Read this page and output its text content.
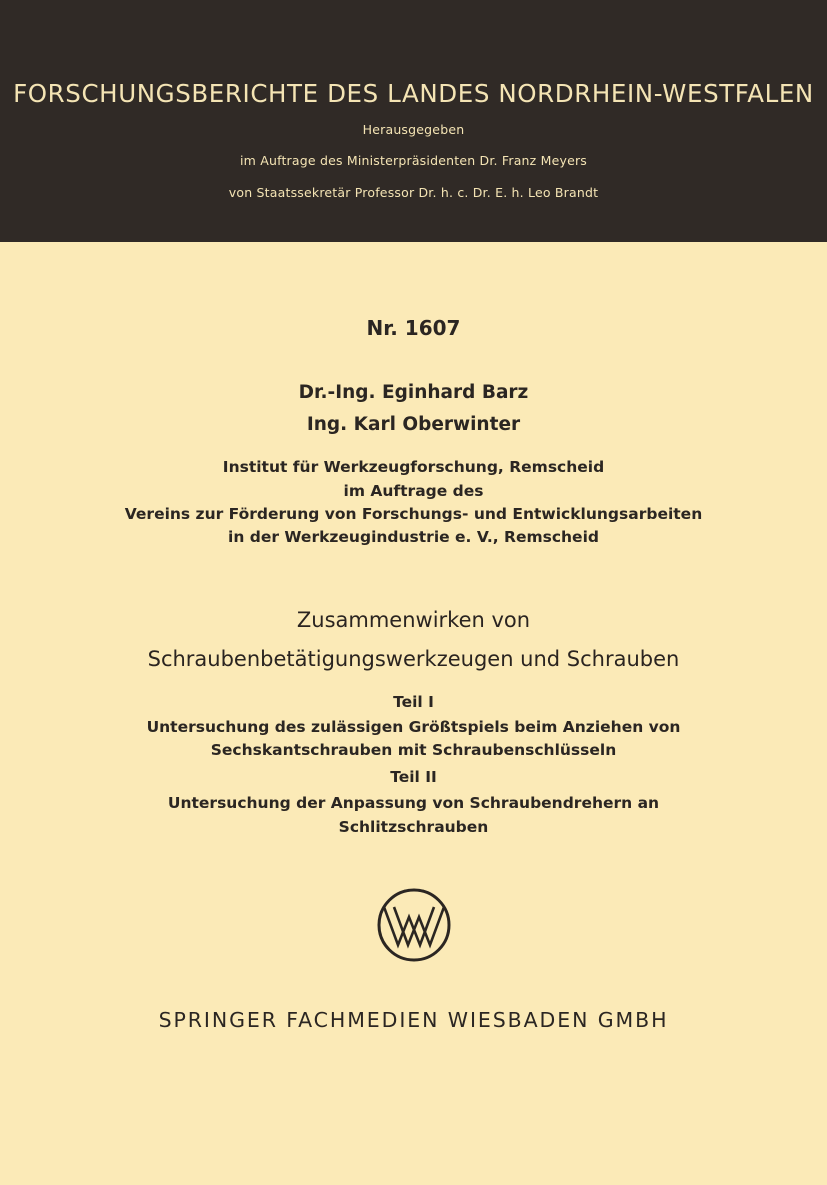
FORSCHUNGSBERICHTE DES LANDES NORDRHEIN-WESTFALEN
Herausgegeben
im Auftrage des Ministerpräsidenten Dr. Franz Meyers
von Staatssekretär Professor Dr. h. c. Dr. E. h. Leo Brandt
Nr. 1607
Dr.-Ing. Eginhard Barz
Ing. Karl Oberwinter
Institut für Werkzeugforschung, Remscheid
im Auftrage des
Vereins zur Förderung von Forschungs- und Entwicklungsarbeiten
in der Werkzeugindustrie e. V., Remscheid
Zusammenwirken von
Schraubenbetätigungswerkzeugen und Schrauben
Teil I
Untersuchung des zulässigen Größtspiels beim Anziehen von
Sechskantschrauben mit Schraubenschlüsseln
Teil II
Untersuchung der Anpassung von Schraubendrehern an
Schlitzschrauben
SPRINGER FACHMEDIEN WIESBADEN GMBH
